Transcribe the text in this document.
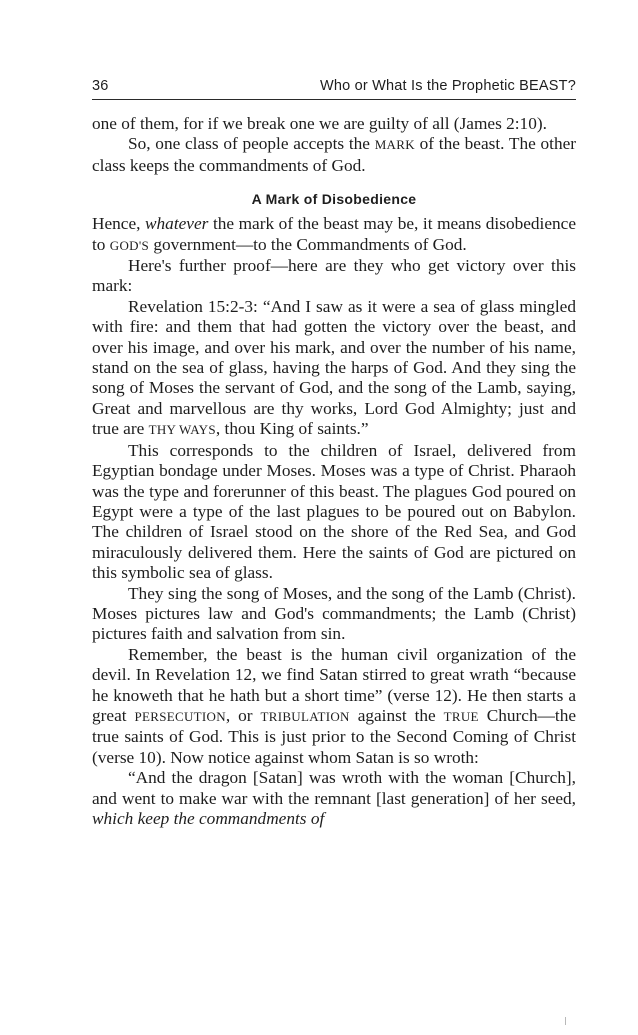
36	Who or What Is the Prophetic BEAST?

one of them, for if we break one we are guilty of all (James 2:10).

So, one class of people accepts the MARK of the beast. The other class keeps the commandments of God.

A Mark of Disobedience

Hence, whatever the mark of the beast may be, it means disobedience to GOD'S government—to the Commandments of God.

Here's further proof—here are they who get victory over this mark:

Revelation 15:2-3: “And I saw as it were a sea of glass mingled with fire: and them that had gotten the victory over the beast, and over his image, and over his mark, and over the number of his name, stand on the sea of glass, having the harps of God. And they sing the song of Moses the servant of God, and the song of the Lamb, saying, Great and marvellous are thy works, Lord God Almighty; just and true are THY WAYS, thou King of saints.”

This corresponds to the children of Israel, delivered from Egyptian bondage under Moses. Moses was a type of Christ. Pharaoh was the type and forerunner of this beast. The plagues God poured on Egypt were a type of the last plagues to be poured out on Babylon. The children of Israel stood on the shore of the Red Sea, and God miraculously delivered them. Here the saints of God are pictured on this symbolic sea of glass.

They sing the song of Moses, and the song of the Lamb (Christ). Moses pictures law and God's commandments; the Lamb (Christ) pictures faith and salvation from sin.

Remember, the beast is the human civil organization of the devil. In Revelation 12, we find Satan stirred to great wrath “because he knoweth that he hath but a short time” (verse 12). He then starts a great PERSECUTION, or TRIBULATION against the TRUE Church—the true saints of God. This is just prior to the Second Coming of Christ (verse 10). Now notice against whom Satan is so wroth:

“And the dragon [Satan] was wroth with the woman [Church], and went to make war with the remnant [last generation] of her seed, which keep the commandments of
